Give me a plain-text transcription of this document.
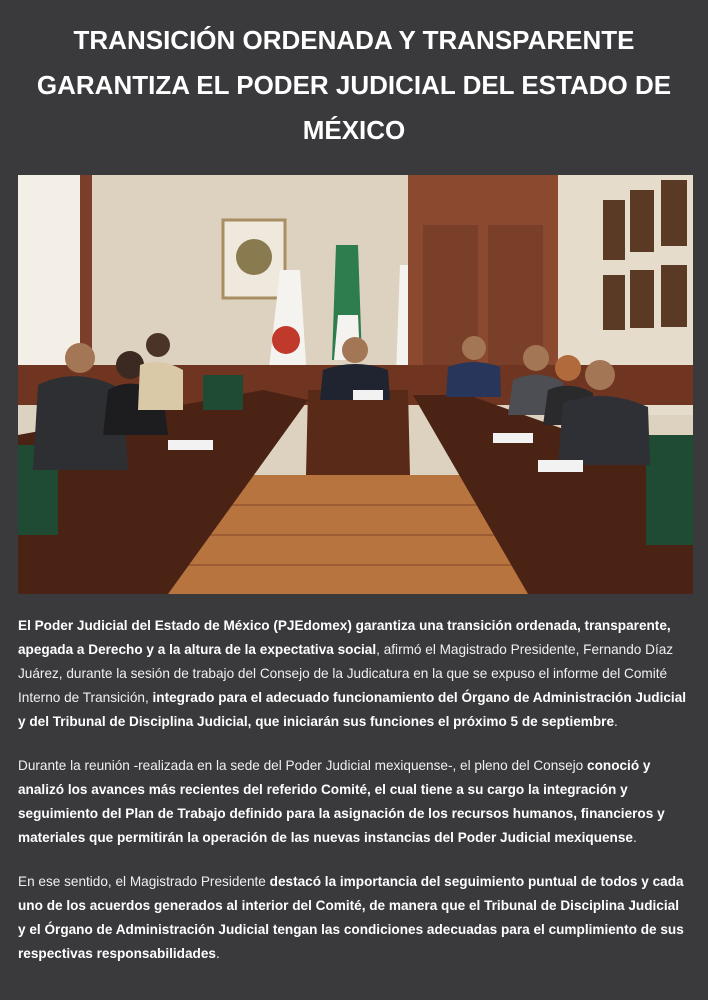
TRANSICIÓN ORDENADA Y TRANSPARENTE
GARANTIZA EL PODER JUDICIAL DEL ESTADO DE
MÉXICO

El Poder Judicial del Estado de México (PJEdomex) garantiza una transición ordenada, transparente, apegada a Derecho y a la altura de la expectativa social, afirmó el Magistrado Presidente, Fernando Díaz Juárez, durante la sesión de trabajo del Consejo de la Judicatura en la que se expuso el informe del Comité Interno de Transición, integrado para el adecuado funcionamiento del Órgano de Administración Judicial y del Tribunal de Disciplina Judicial, que iniciarán sus funciones el próximo 5 de septiembre.

Durante la reunión -realizada en la sede del Poder Judicial mexiquense-, el pleno del Consejo conoció y analizó los avances más recientes del referido Comité, el cual tiene a su cargo la integración y seguimiento del Plan de Trabajo definido para la asignación de los recursos humanos, financieros y materiales que permitirán la operación de las nuevas instancias del Poder Judicial mexiquense.

En ese sentido, el Magistrado Presidente destacó la importancia del seguimiento puntual de todos y cada uno de los acuerdos generados al interior del Comité, de manera que el Tribunal de Disciplina Judicial y el Órgano de Administración Judicial tengan las condiciones adecuadas para el cumplimiento de sus respectivas responsabilidades.
